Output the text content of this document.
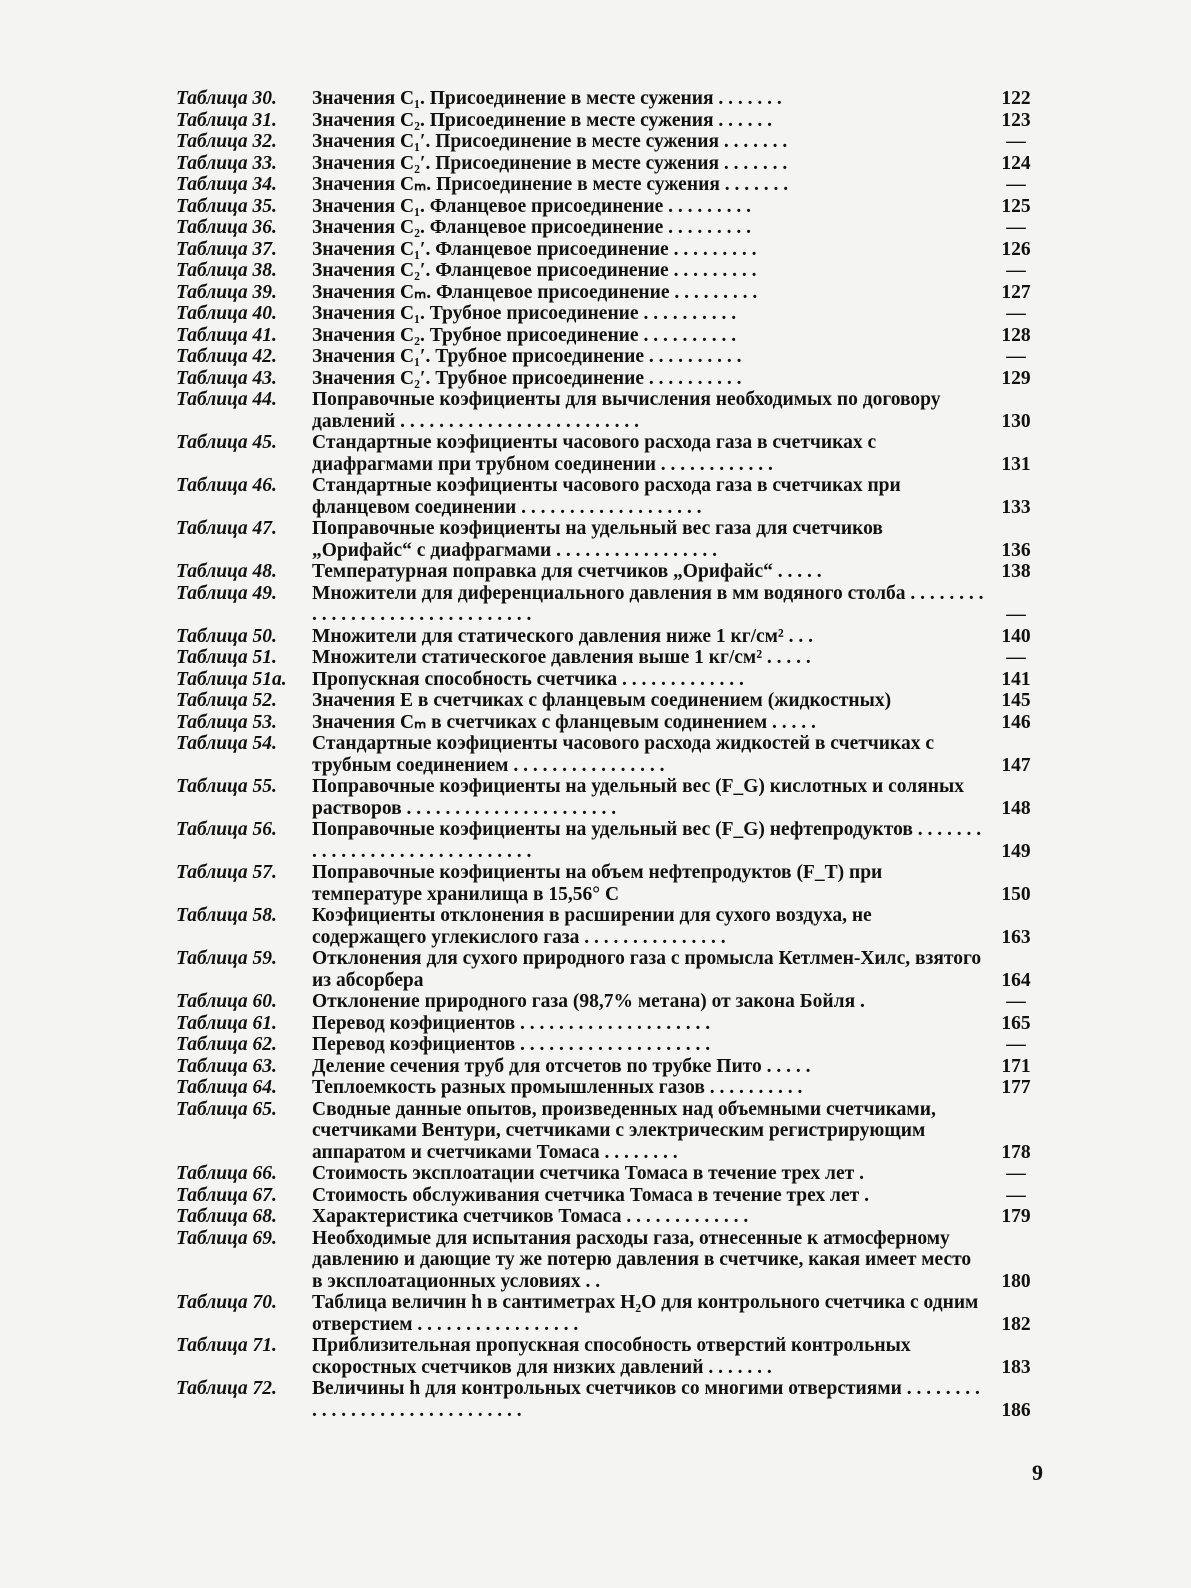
Таблица 30.	Значения C₁. Присоединение в месте сужения . . . . . . .	122
Таблица 31.	Значения C₂. Присоединение в месте сужения . . . . . .	123
Таблица 32.	Значения C₁′. Присоединение в месте сужения . . . . . . .	—
Таблица 33.	Значения C₂′. Присоединение в месте сужения . . . . . . .	124
Таблица 34.	Значения Cₘ. Присоединение в месте сужения . . . . . . .	—
Таблица 35.	Значения C₁. Фланцевое присоединение . . . . . . . . .	125
Таблица 36.	Значения C₂. Фланцевое присоединение . . . . . . . . .	—
Таблица 37.	Значения C₁′. Фланцевое присоединение . . . . . . . . .	126
Таблица 38.	Значения C₂′. Фланцевое присоединение . . . . . . . . .	—
Таблица 39.	Значения Cₘ. Фланцевое присоединение . . . . . . . . .	127
Таблица 40.	Значения C₁. Трубное присоединение . . . . . . . . . .	—
Таблица 41.	Значения C₂. Трубное присоединение . . . . . . . . . .	128
Таблица 42.	Значения C₁′. Трубное присоединение . . . . . . . . . .	—
Таблица 43.	Значения C₂′. Трубное присоединение . . . . . . . . . .	129
Таблица 44.	Поправочные коэфициенты для вычисления необходимых по договору давлений . . . . . . . . . . . . . . . . . . . . . . . . .	130
Таблица 45.	Стандартные коэфициенты часового расхода газа в счетчиках с диафрагмами при трубном соединении . . . . . . . . . . . .	131
Таблица 46.	Стандартные коэфициенты часового расхода газа в счетчиках при фланцевом соединении . . . . . . . . . . . . . . . . . . .	133
Таблица 47.	Поправочные коэфициенты на удельный вес газа для счетчиков „Орифайс“ с диафрагмами . . . . . . . . . . . . . . . . .	136
Таблица 48.	Температурная поправка для счетчиков „Орифайс“ . . . . .	138
Таблица 49.	Множители для диференциального давления в мм водяного столба . . . . . . . . . . . . . . . . . . . . . . . . . . . . . . .	—
Таблица 50.	Множители для статического давления ниже 1 кг/см² . . .	140
Таблица 51.	Множители статическогое давления выше 1 кг/см² . . . . .	—
Таблица 51а.	Пропускная способность счетчика . . . . . . . . . . . . .	141
Таблица 52.	Значения E в счетчиках с фланцевым соединением (жидкостных)	145
Таблица 53.	Значения Cₘ в счетчиках с фланцевым содинением . . . . .	146
Таблица 54.	Стандартные коэфициенты часового расхода жидкостей в счетчиках с трубным соединением . . . . . . . . . . . . . . . .	147
Таблица 55.	Поправочные коэфициенты на удельный вес (F_G) кислотных и соляных растворов . . . . . . . . . . . . . . . . . . . . . .	148
Таблица 56.	Поправочные коэфициенты на удельный вес (F_G) нефтепродуктов . . . . . . . . . . . . . . . . . . . . . . . . . . . . . .	149
Таблица 57.	Поправочные коэфициенты на объем нефтепродуктов (F_T) при температуре хранилища в 15,56° С	150
Таблица 58.	Коэфициенты отклонения в расширении для сухого воздуха, не содержащего углекислого газа . . . . . . . . . . . . . . .	163
Таблица 59.	Отклонения для сухого природного газа с промысла Кетлмен-Хилс, взятого из абсорбера	164
Таблица 60.	Отклонение природного газа (98,7% метана) от закона Бойля .	—
Таблица 61.	Перевод коэфициентов . . . . . . . . . . . . . . . . . . . .	165
Таблица 62.	Перевод коэфициентов . . . . . . . . . . . . . . . . . . . .	—
Таблица 63.	Деление сечения труб для отсчетов по трубке Пито . . . . .	171
Таблица 64.	Теплоемкость разных промышленных газов . . . . . . . . . .	177
Таблица 65.	Сводные данные опытов, произведенных над объемными счетчиками, счетчиками Вентури, счетчиками с электрическим регистрирующим аппаратом и счетчиками Томаса . . . . . . . .	178
Таблица 66.	Стоимость эксплоатации счетчика Томаса в течение трех лет .	—
Таблица 67.	Стоимость обслуживания счетчика Томаса в течение трех лет .	—
Таблица 68.	Характеристика счетчиков Томаса . . . . . . . . . . . . .	179
Таблица 69.	Необходимые для испытания расходы газа, отнесенные к атмосферному давлению и дающие ту же потерю давления в счетчике, какая имеет место в эксплоатационных условиях . .	180
Таблица 70.	Таблица величин h в сантиметрах H₂O для контрольного счетчика с одним отверстием . . . . . . . . . . . . . . . . .	182
Таблица 71.	Приблизительная пропускная способность отверстий контрольных скоростных счетчиков для низких давлений . . . . . . .	183
Таблица 72.	Величины h для контрольных счетчиков со многими отверстиями . . . . . . . . . . . . . . . . . . . . . . . . . . . . . .	186
9
